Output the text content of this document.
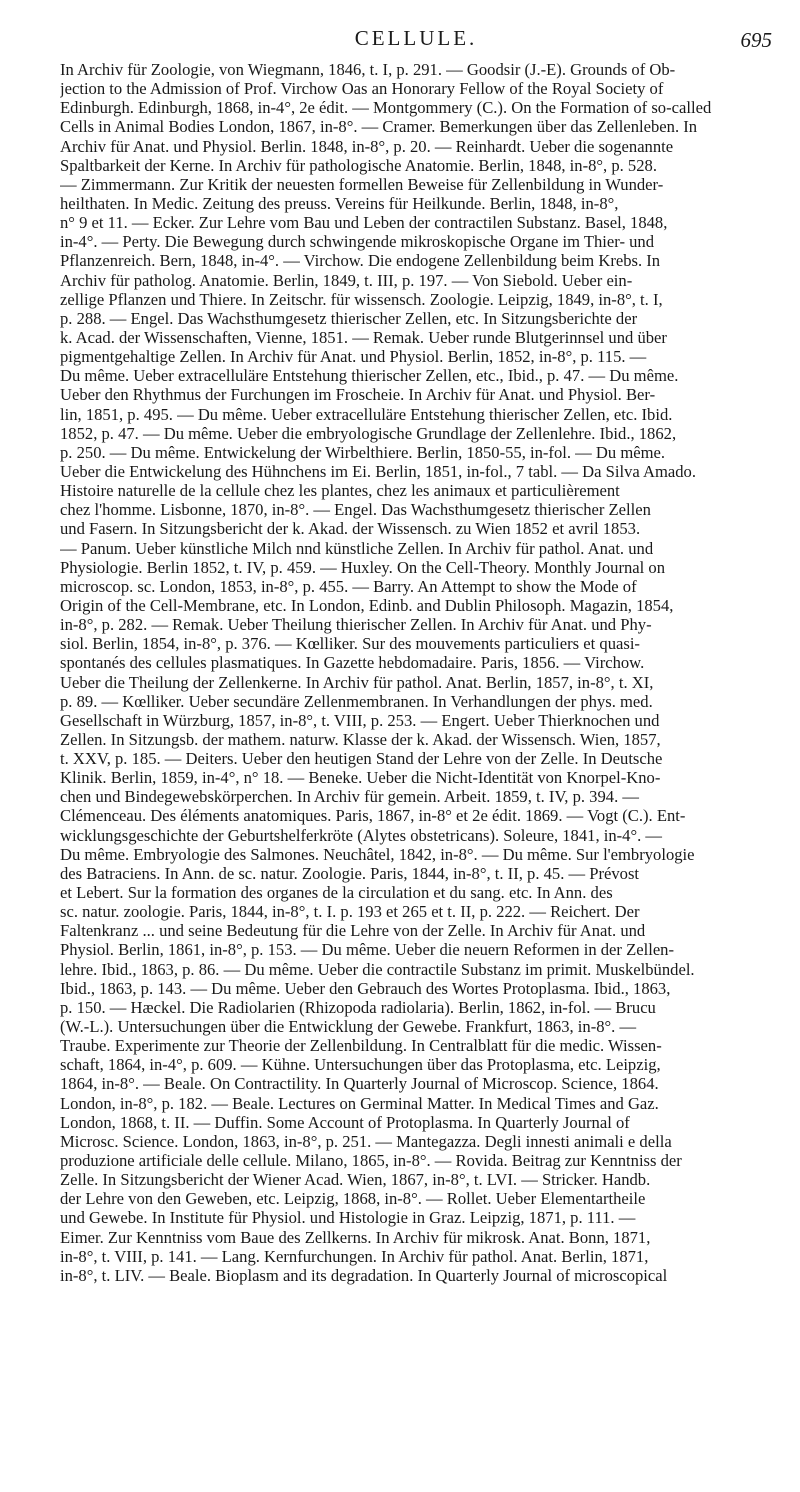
CELLULE.	695
In Archiv für Zoologie, von Wiegmann, 1846, t. I, p. 291. — Goodsir (J.-E). Grounds of Ob-
jection to the Admission of Prof. Virchow Oas an Honorary Fellow of the Royal Society of
Edinburgh. Edinburgh, 1868, in-4°, 2e édit. — Montgommery (C.). On the Formation of so-called
Cells in Animal Bodies London, 1867, in-8°. — Cramer. Bemerkungen über das Zellenleben. In
Archiv für Anat. und Physiol. Berlin. 1848, in-8°, p. 20. — Reinhardt. Ueber die sogenannte
Spaltbarkeit der Kerne. In Archiv für pathologische Anatomie. Berlin, 1848, in-8°, p. 528.
— Zimmermann. Zur Kritik der neuesten formellen Beweise für Zellenbildung in Wunder-
heilthaten. In Medic. Zeitung des preuss. Vereins für Heilkunde. Berlin, 1848, in-8°,
n° 9 et 11. — Ecker. Zur Lehre vom Bau und Leben der contractilen Substanz. Basel, 1848,
in-4°. — Perty. Die Bewegung durch schwingende mikroskopische Organe im Thier- und
Pflanzenreich. Bern, 1848, in-4°. — Virchow. Die endogene Zellenbildung beim Krebs. In
Archiv für patholog. Anatomie. Berlin, 1849, t. III, p. 197. — Von Siebold. Ueber ein-
zellige Pflanzen und Thiere. In Zeitschr. für wissensch. Zoologie. Leipzig, 1849, in-8°, t. I,
p. 288. — Engel. Das Wachsthumgesetz thierischer Zellen, etc. In Sitzungsberichte der
k. Acad. der Wissenschaften, Vienne, 1851. — Remak. Ueber runde Blutgerinnsel und über
pigmentgehaltige Zellen. In Archiv für Anat. und Physiol. Berlin, 1852, in-8°, p. 115. —
Du même. Ueber extracelluläre Entstehung thierischer Zellen, etc., Ibid., p. 47. — Du même.
Ueber den Rhythmus der Furchungen im Froscheie. In Archiv für Anat. und Physiol. Ber-
lin, 1851, p. 495. — Du même. Ueber extracelluläre Entstehung thierischer Zellen, etc. Ibid.
1852, p. 47. — Du même. Ueber die embryologische Grundlage der Zellenlehre. Ibid., 1862,
p. 250. — Du même. Entwickelung der Wirbelthiere. Berlin, 1850-55, in-fol. — Du même.
Ueber die Entwickelung des Hühnchens im Ei. Berlin, 1851, in-fol., 7 tabl. — Da Silva Amado.
Histoire naturelle de la cellule chez les plantes, chez les animaux et particulièrement
chez l'homme. Lisbonne, 1870, in-8°. — Engel. Das Wachsthumgesetz thierischer Zellen
und Fasern. In Sitzungsbericht der k. Akad. der Wissensch. zu Wien 1852 et avril 1853.
— Panum. Ueber künstliche Milch nnd künstliche Zellen. In Archiv für pathol. Anat. und
Physiologie. Berlin 1852, t. IV, p. 459. — Huxley. On the Cell-Theory. Monthly Journal on
microscop. sc. London, 1853, in-8°, p. 455. — Barry. An Attempt to show the Mode of
Origin of the Cell-Membrane, etc. In London, Edinb. and Dublin Philosoph. Magazin, 1854,
in-8°, p. 282. — Remak. Ueber Theilung thierischer Zellen. In Archiv für Anat. und Phy-
siol. Berlin, 1854, in-8°, p. 376. — Kœlliker. Sur des mouvements particuliers et quasi-
spontanés des cellules plasmatiques. In Gazette hebdomadaire. Paris, 1856. — Virchow.
Ueber die Theilung der Zellenkerne. In Archiv für pathol. Anat. Berlin, 1857, in-8°, t. XI,
p. 89. — Kœlliker. Ueber secundäre Zellenmembranen. In Verhandlungen der phys. med.
Gesellschaft in Würzburg, 1857, in-8°, t. VIII, p. 253. — Engert. Ueber Thierknochen und
Zellen. In Sitzungsb. der mathem. naturw. Klasse der k. Akad. der Wissensch. Wien, 1857,
t. XXV, p. 185. — Deiters. Ueber den heutigen Stand der Lehre von der Zelle. In Deutsche
Klinik. Berlin, 1859, in-4°, n° 18. — Beneke. Ueber die Nicht-Identität von Knorpel-Kno-
chen und Bindegewebskörperchen. In Archiv für gemein. Arbeit. 1859, t. IV, p. 394. —
Clémenceau. Des éléments anatomiques. Paris, 1867, in-8° et 2e édit. 1869. — Vogt (C.). Ent-
wicklungsgeschichte der Geburtshelferkröte (Alytes obstetricans). Soleure, 1841, in-4°. —
Du même. Embryologie des Salmones. Neuchâtel, 1842, in-8°. — Du même. Sur l'embryologie
des Batraciens. In Ann. de sc. natur. Zoologie. Paris, 1844, in-8°, t. II, p. 45. — Prévost
et Lebert. Sur la formation des organes de la circulation et du sang. etc. In Ann. des
sc. natur. zoologie. Paris, 1844, in-8°, t. I. p. 193 et 265 et t. II, p. 222. — Reichert. Der
Faltenkranz ... und seine Bedeutung für die Lehre von der Zelle. In Archiv für Anat. und
Physiol. Berlin, 1861, in-8°, p. 153. — Du même. Ueber die neuern Reformen in der Zellen-
lehre. Ibid., 1863, p. 86. — Du même. Ueber die contractile Substanz im primit. Muskelbündel.
Ibid., 1863, p. 143. — Du même. Ueber den Gebrauch des Wortes Protoplasma. Ibid., 1863,
p. 150. — Hæckel. Die Radiolarien (Rhizopoda radiolaria). Berlin, 1862, in-fol. — Brucu
(W.-L.). Untersuchungen über die Entwicklung der Gewebe. Frankfurt, 1863, in-8°. —
Traube. Experimente zur Theorie der Zellenbildung. In Centralblatt für die medic. Wissen-
schaft, 1864, in-4°, p. 609. — Kühne. Untersuchungen über das Protoplasma, etc. Leipzig,
1864, in-8°. — Beale. On Contractility. In Quarterly Journal of Microscop. Science, 1864.
London, in-8°, p. 182. — Beale. Lectures on Germinal Matter. In Medical Times and Gaz.
London, 1868, t. II. — Duffin. Some Account of Protoplasma. In Quarterly Journal of
Microsc. Science. London, 1863, in-8°, p. 251. — Mantegazza. Degli innesti animali e della
produzione artificiale delle cellule. Milano, 1865, in-8°. — Rovida. Beitrag zur Kenntniss der
Zelle. In Sitzungsbericht der Wiener Acad. Wien, 1867, in-8°, t. LVI. — Stricker. Handb.
der Lehre von den Geweben, etc. Leipzig, 1868, in-8°. — Rollet. Ueber Elementartheile
und Gewebe. In Institute für Physiol. und Histologie in Graz. Leipzig, 1871, p. 111. —
Eimer. Zur Kenntniss vom Baue des Zellkerns. In Archiv für mikrosk. Anat. Bonn, 1871,
in-8°, t. VIII, p. 141. — Lang. Kernfurchungen. In Archiv für pathol. Anat. Berlin, 1871,
in-8°, t. LIV. — Beale. Bioplasm and its degradation. In Quarterly Journal of microscopical
